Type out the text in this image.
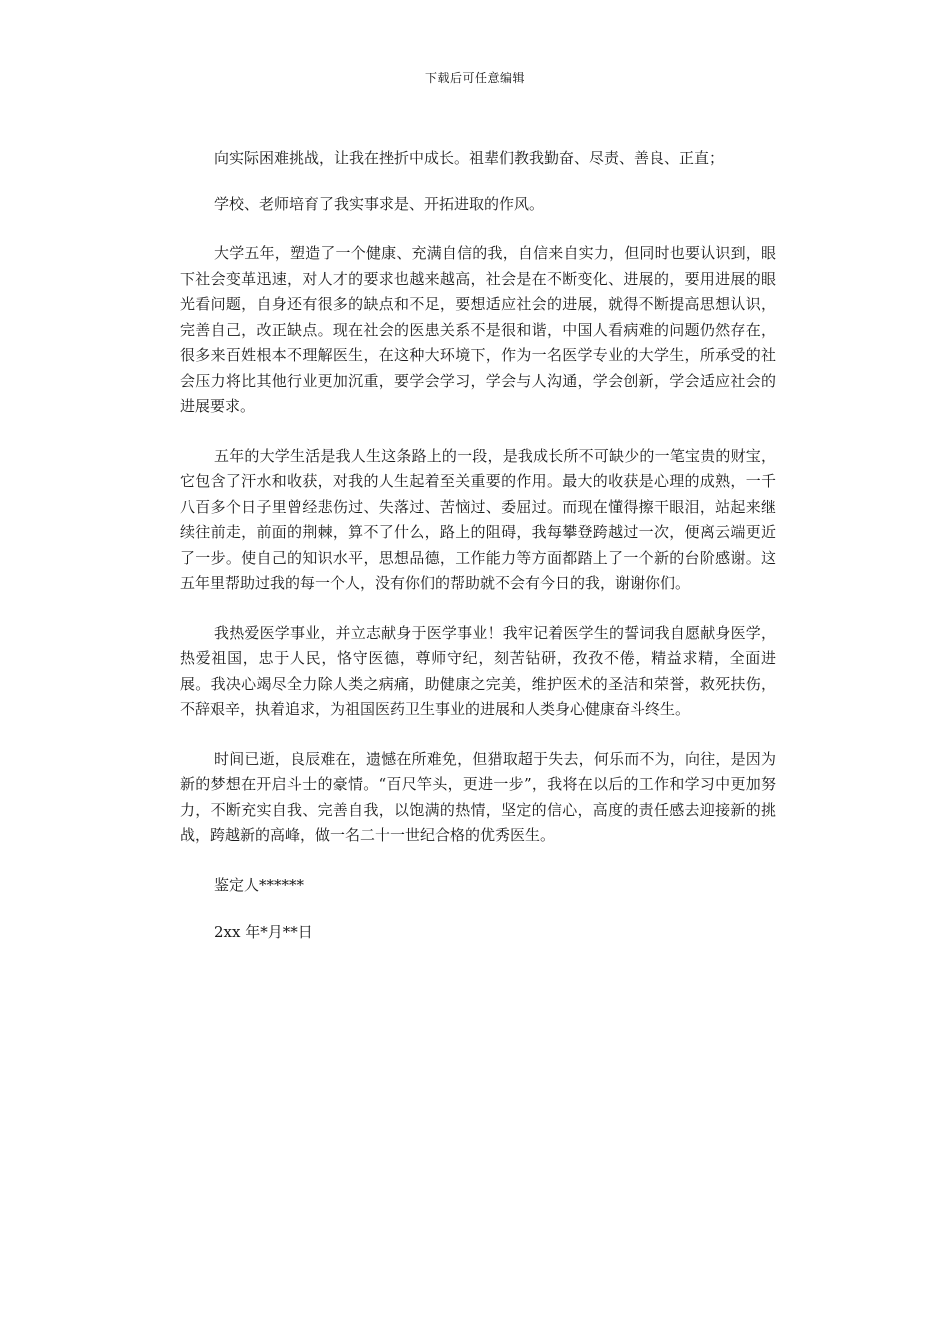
下载后可任意编辑

向实际困难挑战，让我在挫折中成长。祖辈们教我勤奋、尽责、善良、正直；

学校、老师培育了我实事求是、开拓进取的作风。

大学五年，塑造了一个健康、充满自信的我，自信来自实力，但同时也要认识到，眼下社会变革迅速，对人才的要求也越来越高，社会是在不断变化、进展的，要用进展的眼光看问题，自身还有很多的缺点和不足，要想适应社会的进展，就得不断提高思想认识，完善自己，改正缺点。现在社会的医患关系不是很和谐，中国人看病难的问题仍然存在，很多来百姓根本不理解医生，在这种大环境下，作为一名医学专业的大学生，所承受的社会压力将比其他行业更加沉重，要学会学习，学会与人沟通，学会创新，学会适应社会的进展要求。

五年的大学生活是我人生这条路上的一段，是我成长所不可缺少的一笔宝贵的财宝，它包含了汗水和收获，对我的人生起着至关重要的作用。最大的收获是心理的成熟，一千八百多个日子里曾经悲伤过、失落过、苦恼过、委屈过。而现在懂得擦干眼泪，站起来继续往前走，前面的荆棘，算不了什么，路上的阻碍，我每攀登跨越过一次，便离云端更近了一步。使自己的知识水平，思想品德，工作能力等方面都踏上了一个新的台阶感谢。这五年里帮助过我的每一个人，没有你们的帮助就不会有今日的我，谢谢你们。

我热爱医学事业，并立志献身于医学事业！我牢记着医学生的誓词我自愿献身医学，热爱祖国，忠于人民，恪守医德，尊师守纪，刻苦钻研，孜孜不倦，精益求精，全面进展。我决心竭尽全力除人类之病痛，助健康之完美，维护医术的圣洁和荣誉，救死扶伤，不辞艰辛，执着追求，为祖国医药卫生事业的进展和人类身心健康奋斗终生。

时间已逝，良辰难在，遗憾在所难免，但猎取超于失去，何乐而不为，向往，是因为新的梦想在开启斗士的豪情。“百尺竿头，更进一步”，我将在以后的工作和学习中更加努力，不断充实自我、完善自我，以饱满的热情，坚定的信心，高度的责任感去迎接新的挑战，跨越新的高峰，做一名二十一世纪合格的优秀医生。

鉴定人******

2xx 年*月**日
